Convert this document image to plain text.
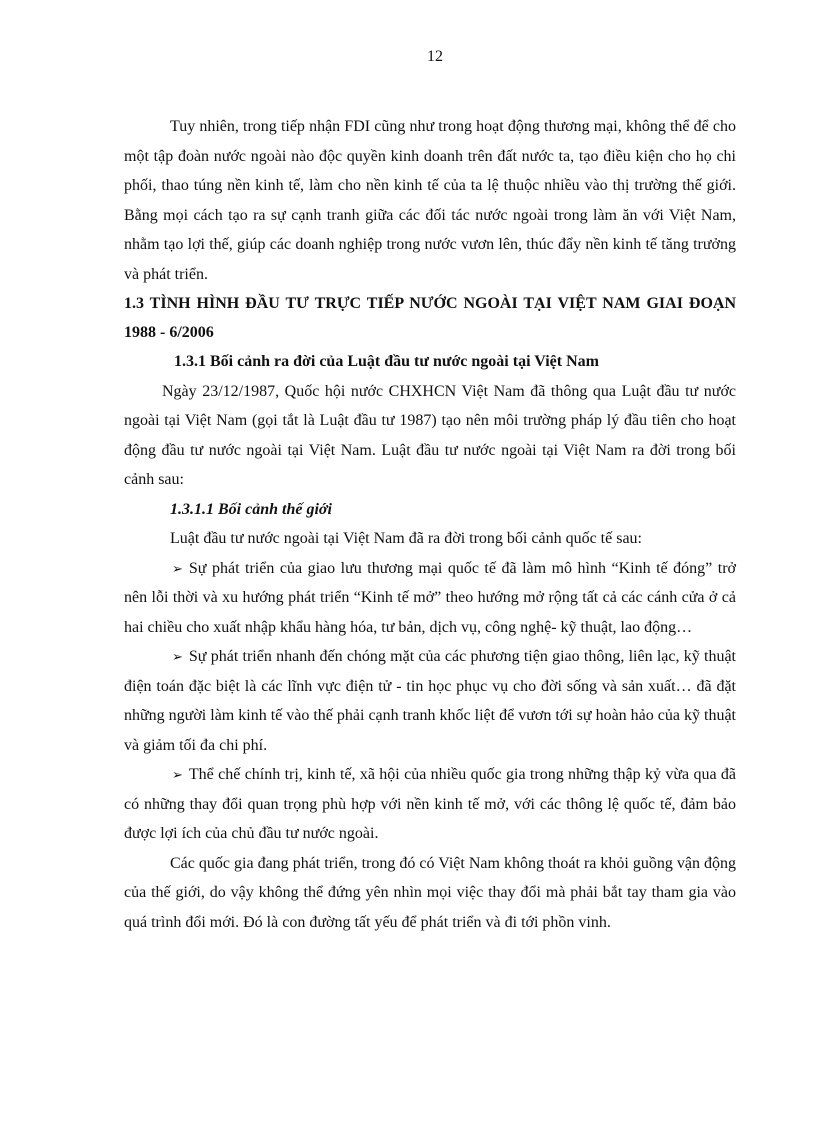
12

Tuy nhiên, trong tiếp nhận FDI cũng như trong hoạt động thương mại, không thể để cho một tập đoàn nước ngoài nào độc quyền kinh doanh trên đất nước ta, tạo điều kiện cho họ chi phối, thao túng nền kinh tế, làm cho nền kinh tế của ta lệ thuộc nhiều vào thị trường thế giới. Bằng mọi cách tạo ra sự cạnh tranh giữa các đối tác nước ngoài trong làm ăn với Việt Nam, nhằm tạo lợi thế, giúp các doanh nghiệp trong nước vươn lên, thúc đẩy nền kinh tế tăng trưởng và phát triển.

1.3 TÌNH HÌNH ĐẦU TƯ TRỰC TIẾP NƯỚC NGOÀI TẠI VIỆT NAM GIAI ĐOẠN 1988 - 6/2006

1.3.1 Bối cảnh ra đời của Luật đầu tư nước ngoài tại Việt Nam

Ngày 23/12/1987, Quốc hội nước CHXHCN Việt Nam đã thông qua Luật đầu tư nước ngoài tại Việt Nam (gọi tắt là Luật đầu tư 1987) tạo nên môi trường pháp lý đầu tiên cho hoạt động đầu tư nước ngoài tại Việt Nam. Luật đầu tư nước ngoài tại Việt Nam ra đời trong bối cảnh sau:

1.3.1.1 Bối cảnh thế giới

Luật đầu tư nước ngoài tại Việt Nam đã ra đời trong bối cảnh quốc tế sau:

➢ Sự phát triển của giao lưu thương mại quốc tế đã làm mô hình “Kinh tế đóng” trở nên lỗi thời và xu hướng phát triển “Kinh tế mở” theo hướng mở rộng tất cả các cánh cửa ở cả hai chiều cho xuất nhập khẩu hàng hóa, tư bản, dịch vụ, công nghệ- kỹ thuật, lao động…

➢ Sự phát triển nhanh đến chóng mặt của các phương tiện giao thông, liên lạc, kỹ thuật điện toán đặc biệt là các lĩnh vực điện tử - tin học phục vụ cho đời sống và sản xuất… đã đặt những người làm kinh tế vào thế phải cạnh tranh khốc liệt để vươn tới sự hoàn hảo của kỹ thuật và giảm tối đa chi phí.

➢ Thể chế chính trị, kinh tế, xã hội của nhiều quốc gia trong những thập kỷ vừa qua đã có những thay đổi quan trọng phù hợp với nền kinh tế mở, với các thông lệ quốc tế, đảm bảo được lợi ích của chủ đầu tư nước ngoài.

Các quốc gia đang phát triển, trong đó có Việt Nam không thoát ra khỏi guồng vận động của thế giới, do vậy không thể đứng yên nhìn mọi việc thay đổi mà phải bắt tay tham gia vào quá trình đổi mới. Đó là con đường tất yếu để phát triển và đi tới phồn vinh.
